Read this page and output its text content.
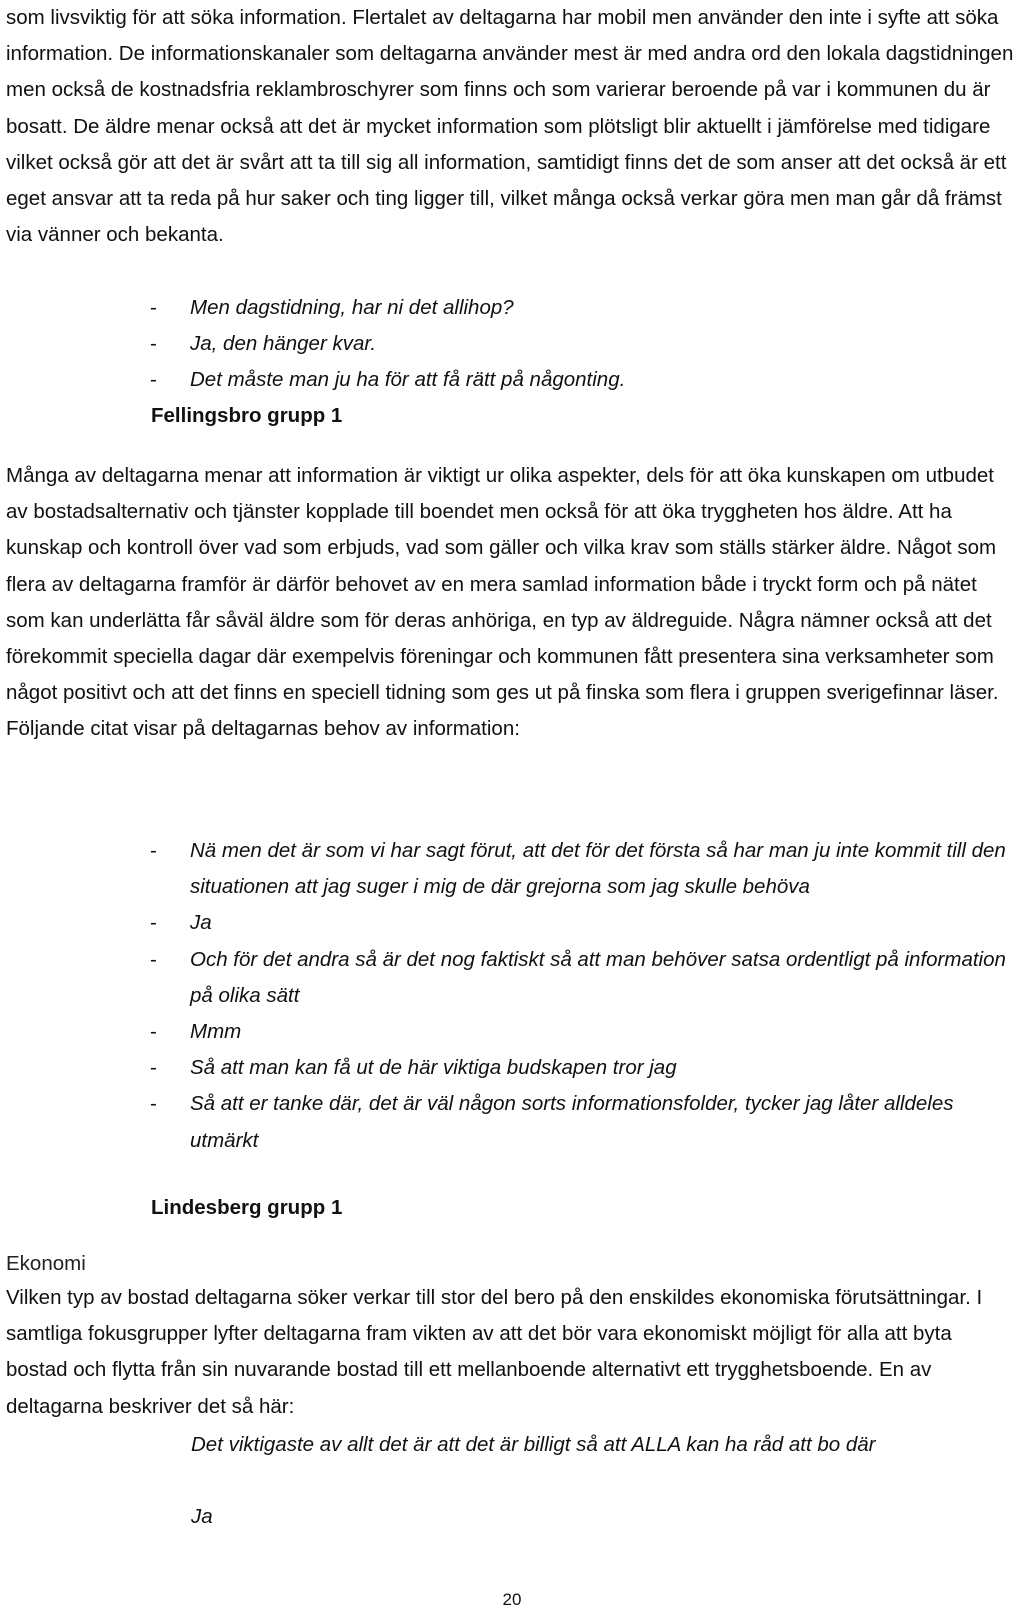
som livsviktig för att söka information. Flertalet av deltagarna har mobil men använder den inte i syfte att söka information. De informationskanaler som deltagarna använder mest är med andra ord den lokala dagstidningen men också de kostnadsfria reklambroschyrer som finns och som varierar beroende på var i kommunen du är bosatt. De äldre menar också att det är mycket information som plötsligt blir aktuellt i jämförelse med tidigare vilket också gör att det är svårt att ta till sig all information, samtidigt finns det de som anser att det också är ett eget ansvar att ta reda på hur saker och ting ligger till, vilket många också verkar göra men man går då främst via vänner och bekanta.

- Men dagstidning, har ni det allihop?
- Ja, den hänger kvar.
- Det måste man ju ha för att få rätt på någonting.

Fellingsbro grupp 1

Många av deltagarna menar att information är viktigt ur olika aspekter, dels för att öka kunskapen om utbudet av bostadsalternativ och tjänster kopplade till boendet men också för att öka tryggheten hos äldre. Att ha kunskap och kontroll över vad som erbjuds, vad som gäller och vilka krav som ställs stärker äldre. Något som flera av deltagarna framför är därför behovet av en mera samlad information både i tryckt form och på nätet som kan underlätta får såväl äldre som för deras anhöriga, en typ av äldreguide. Några nämner också att det förekommit speciella dagar där exempelvis föreningar och kommunen fått presentera sina verksamheter som något positivt och att det finns en speciell tidning som ges ut på finska som flera i gruppen sverigefinnar läser. Följande citat visar på deltagarnas behov av information:

- Nä men det är som vi har sagt förut, att det för det första så har man ju inte kommit till den situationen att jag suger i mig de där grejorna som jag skulle behöva
- Ja
- Och för det andra så är det nog faktiskt så att man behöver satsa ordentligt på information på olika sätt
- Mmm
- Så att man kan få ut de här viktiga budskapen tror jag
- Så att er tanke där, det är väl någon sorts informationsfolder, tycker jag låter alldeles utmärkt

Lindesberg grupp 1

Ekonomi

Vilken typ av bostad deltagarna söker verkar till stor del bero på den enskildes ekonomiska förutsättningar. I samtliga fokusgrupper lyfter deltagarna fram vikten av att det bör vara ekonomiskt möjligt för alla att byta bostad och flytta från sin nuvarande bostad till ett mellanboende alternativt ett trygghetsboende. En av deltagarna beskriver det så här:

Det viktigaste av allt det är att det är billigt så att ALLA kan ha råd att bo där

Ja

20
